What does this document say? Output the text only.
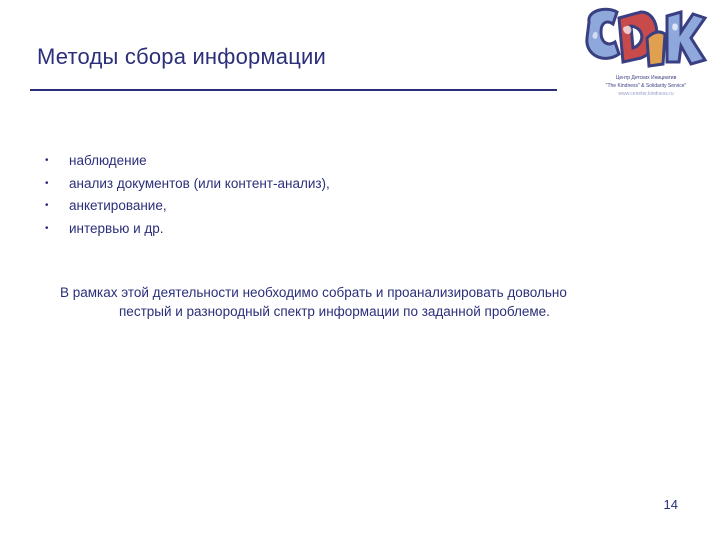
Методы сбора информации
Центр Детских Инициатив
"The Kindness" & Solidarity Service"
www.ceneter.kindness.ru
• наблюдение
• анализ документов (или контент-анализ),
• анкетирование,
• интервью и др.
В рамках этой деятельности необходимо собрать и проанализировать довольно
пестрый и разнородный спектр информации по заданной проблеме.
14
